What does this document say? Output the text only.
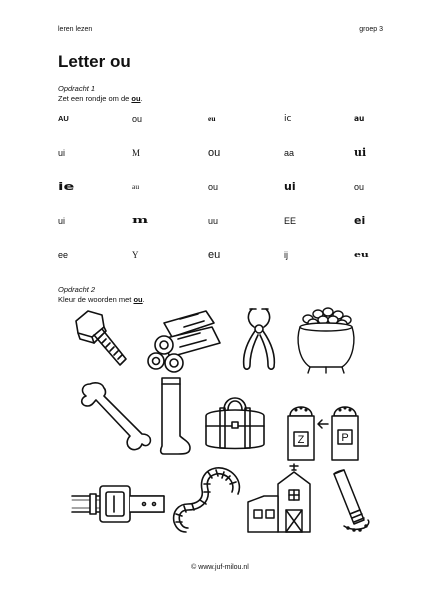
leren lezen	groep 3
Letter ou
Opdracht 1
Zet een rondje om de ou.
AU	ou	eu	ic	au
ui	M	ou	aa	ui
ie	au	ou	ui	ou
ui	m	uu	EE	ei
ee	Y	eu	ij	eu
Opdracht 2
Kleur de woorden met ou.
Z	P
© www.juf-milou.nl
